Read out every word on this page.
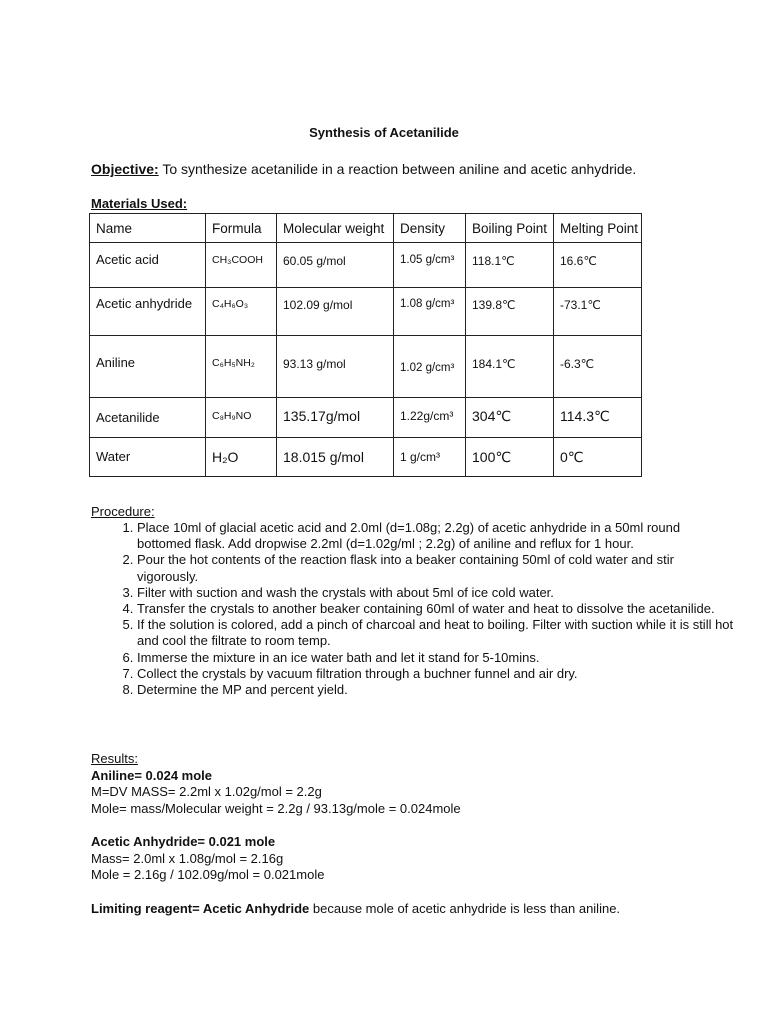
Synthesis of Acetanilide
Objective: To synthesize acetanilide in a reaction between aniline and acetic anhydride.
Materials Used:
Name	Formula	Molecular weight	Density	Boiling Point	Melting Point
Acetic acid	CH₃COOH	60.05 g/mol	1.05 g/cm³	118.1℃	16.6℃
Acetic anhydride	C₄H₆O₃	102.09 g/mol	1.08 g/cm³	139.8℃	-73.1℃
Aniline	C₆H₅NH₂	93.13 g/mol	1.02 g/cm³	184.1℃	-6.3℃
Acetanilide	C₈H₉NO	135.17g/mol	1.22g/cm³	304℃	114.3℃
Water	H₂O	18.015 g/mol	1 g/cm³	100℃	0℃
Procedure:
1. Place 10ml of glacial acetic acid and 2.0ml (d=1.08g; 2.2g) of acetic anhydride in a 50ml round bottomed flask. Add dropwise 2.2ml (d=1.02g/ml ; 2.2g) of aniline and reflux for 1 hour.
2. Pour the hot contents of the reaction flask into a beaker containing 50ml of cold water and stir vigorously.
3. Filter with suction and wash the crystals with about 5ml of ice cold water.
4. Transfer the crystals to another beaker containing 60ml of water and heat to dissolve the acetanilide.
5. If the solution is colored, add a pinch of charcoal and heat to boiling. Filter with suction while it is still hot and cool the filtrate to room temp.
6. Immerse the mixture in an ice water bath and let it stand for 5-10mins.
7. Collect the crystals by vacuum filtration through a buchner funnel and air dry.
8. Determine the MP and percent yield.
Results:
Aniline= 0.024 mole
M=DV MASS= 2.2ml x 1.02g/mol = 2.2g
Mole= mass/Molecular weight = 2.2g / 93.13g/mole = 0.024mole
Acetic Anhydride= 0.021 mole
Mass= 2.0ml x 1.08g/mol = 2.16g
Mole = 2.16g / 102.09g/mol = 0.021mole
Limiting reagent= Acetic Anhydride because mole of acetic anhydride is less than aniline.
